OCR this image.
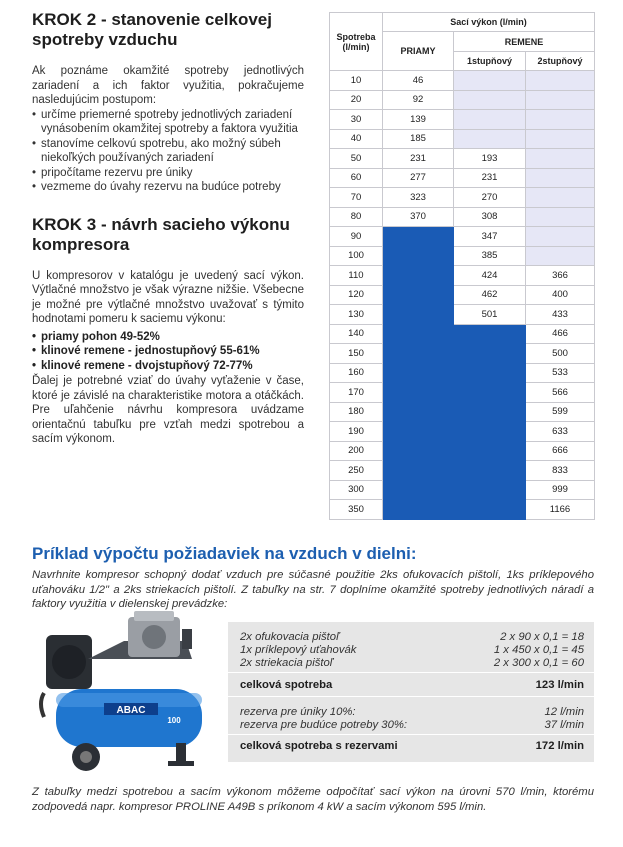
KROK 2 - stanovenie celkovej
spotreby vzduchu

Ak poznáme okamžité spotreby jednotlivých zariadení a ich faktor využitia, pokračujeme nasledujúcim postupom:

• určíme priemerné spotreby jednotlivých zariadení vynásobením okamžitej spotreby a faktora využitia
• stanovíme celkovú spotrebu, ako možný súbeh niekoľkých používaných zariadení
• pripočítame rezervu pre úniky
• vezmeme do úvahy rezervu na budúce potreby
KROK 3 - návrh sacieho výkonu
kompresora

U kompresorov v katalógu je uvedený sací výkon. Výtlačné množstvo je však výrazne nižšie. Všebecne je možné pre výtlačné množstvo uvažovať s týmito hodnotami pomeru k saciemu výkonu:

• priamy pohon 49-52%
• klinové remene - jednostupňový 55-61%
• klinové remene - dvojstupňový 72-77%

Ďalej je potrebné vziať do úvahy vyťaženie v čase, ktoré je závislé na charakteristike motora a otáčkách. Pre uľahčenie návrhu kompresora uvádzame orientačnú tabuľku pre vzťah medzi spotrebou a sacím výkonom.

Spotreba (l/min)	Sací výkon (l/min)		
	PRIAMY	REMENE	
		1stupňový	2stupňový
10	46		
20	92		
30	139		
40	185		
50	231	193	
60	277	231	
70	323	270	
80	370	308	
90		347	
100		385	
110		424	366
120		462	400
130		501	433
140			466
150			500
160			533
170			566
180			599
190			633
200			666
250			833
300			999
350			1166
Príklad výpočtu požiadaviek na vzduch v dielni:

Navrhnite kompresor schopný dodať vzduch pre súčasné použitie 2ks ofukovacích pištolí, 1ks príklepového uťahováku 1/2" a 2ks striekacích pištolí. Z tabuľky na str. 7 doplníme okamžité spotreby jednotlivých náradí a faktory využitia v dielenskej prevádzke:

ABAC
100
2x ofukovacia pištoľ	2 x 90 x 0,1 = 18
1x príklepový uťahovák	1 x 450 x 0,1 = 45
2x striekacia pištoľ	2 x 300 x 0,1 = 60
celková spotreba	123 l/min
rezerva pre úniky 10%:	12 l/min
rezerva pre budúce potreby 30%:	37 l/min
celková spotreba s rezervami	172 l/min

Z tabuľky medzi spotrebou a sacím výkonom môžeme odpočítať sací výkon na úrovni 570 l/min, ktorému zodpovedá napr. kompresor PROLINE A49B s príkonom 4 kW a sacím výkonom 595 l/min.
